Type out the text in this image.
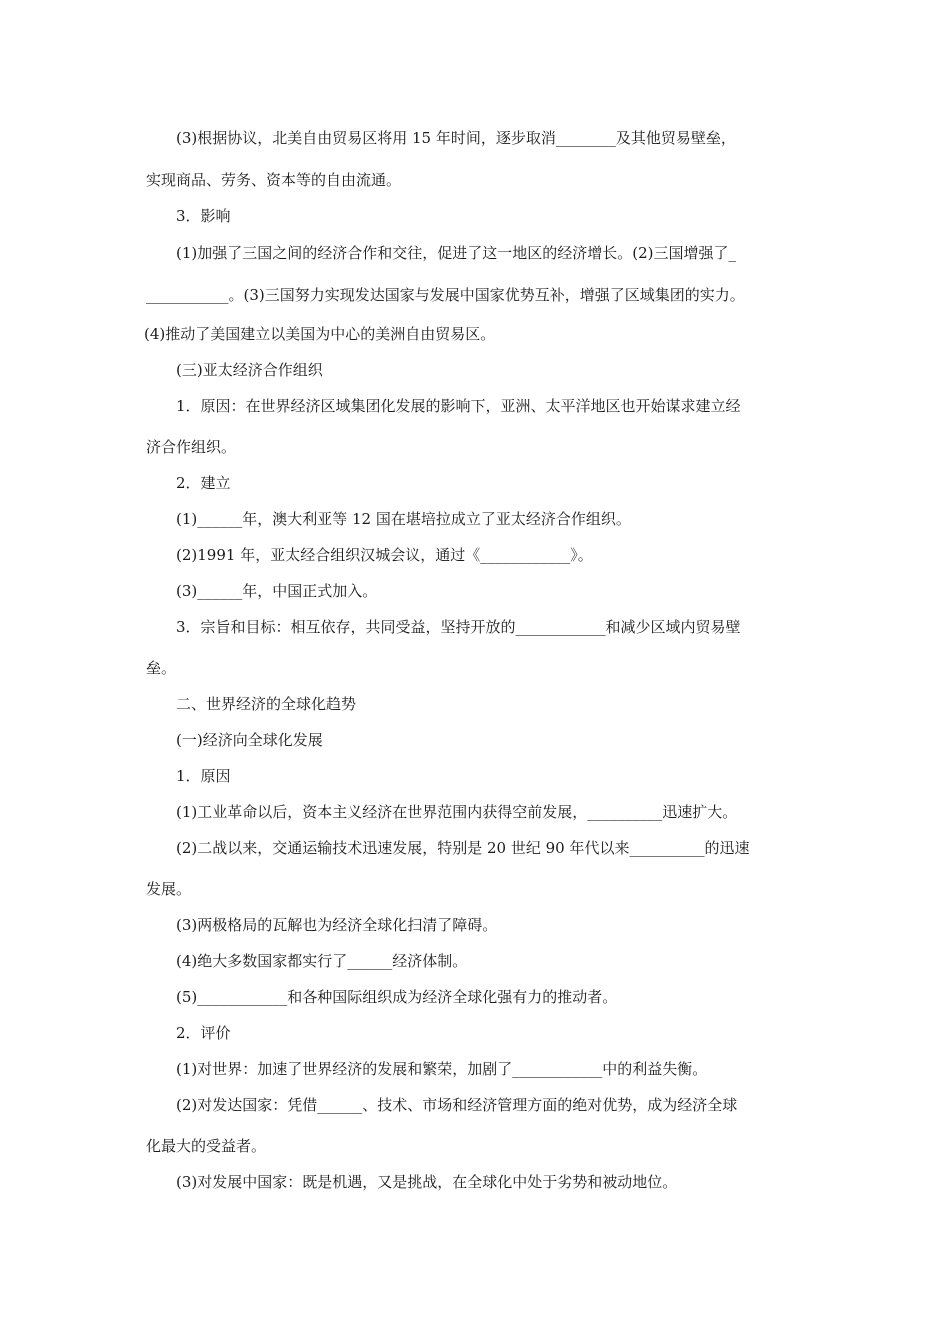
(3)根据协议，北美自由贸易区将用 15 年时间，逐步取消________及其他贸易壁垒，
实现商品、劳务、资本等的自由流通。
3．影响
(1)加强了三国之间的经济合作和交往，促进了这一地区的经济增长。(2)三国增强了_
___________。(3)三国努力实现发达国家与发展中国家优势互补，增强了区域集团的实力。
(4)推动了美国建立以美国为中心的美洲自由贸易区。
(三)亚太经济合作组织
1．原因：在世界经济区域集团化发展的影响下，亚洲、太平洋地区也开始谋求建立经
济合作组织。
2．建立
(1)______年，澳大利亚等 12 国在堪培拉成立了亚太经济合作组织。
(2)1991 年，亚太经合组织汉城会议，通过《____________》。
(3)______年，中国正式加入。
3．宗旨和目标：相互依存，共同受益，坚持开放的____________和减少区域内贸易壁
垒。
二、世界经济的全球化趋势
(一)经济向全球化发展
1．原因
(1)工业革命以后，资本主义经济在世界范围内获得空前发展，__________迅速扩大。
(2)二战以来，交通运输技术迅速发展，特别是 20 世纪 90 年代以来__________的迅速
发展。
(3)两极格局的瓦解也为经济全球化扫清了障碍。
(4)绝大多数国家都实行了______经济体制。
(5)____________和各种国际组织成为经济全球化强有力的推动者。
2．评价
(1)对世界：加速了世界经济的发展和繁荣，加剧了____________中的利益失衡。
(2)对发达国家：凭借______、技术、市场和经济管理方面的绝对优势，成为经济全球
化最大的受益者。
(3)对发展中国家：既是机遇，又是挑战，在全球化中处于劣势和被动地位。
